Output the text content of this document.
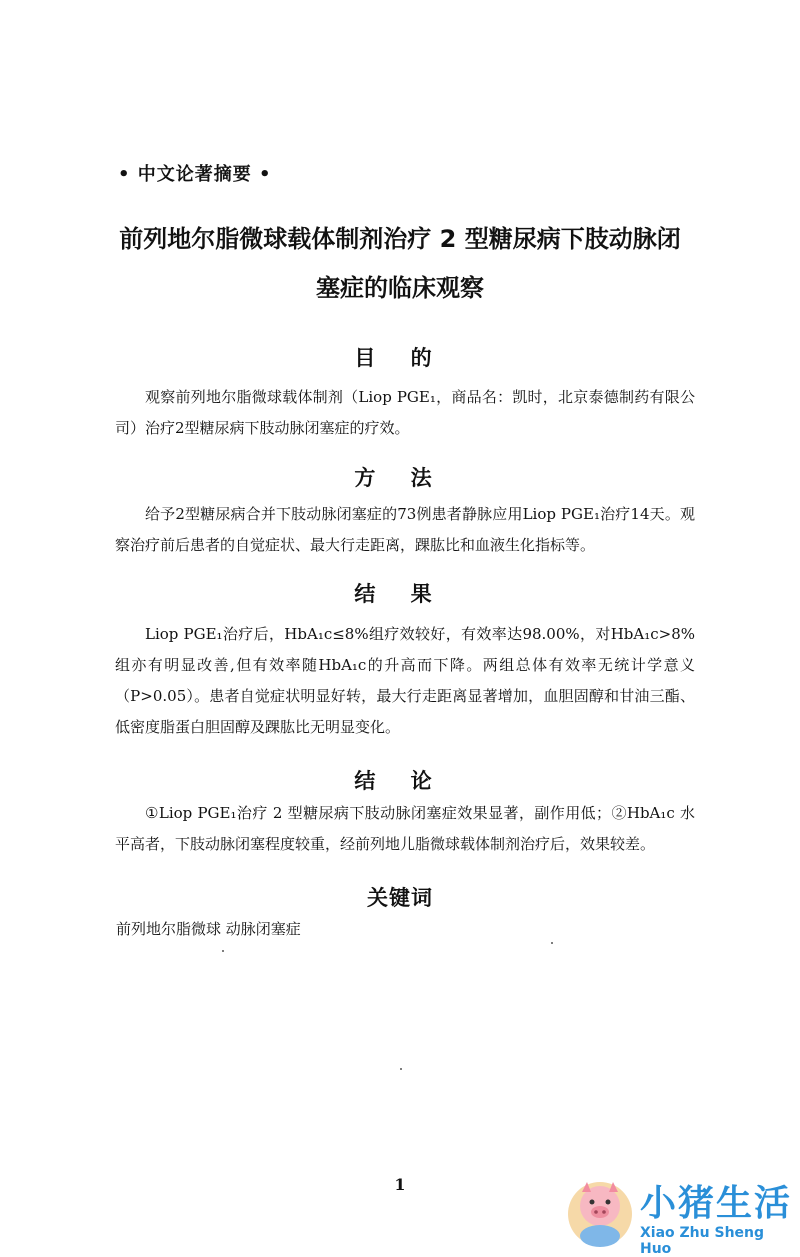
• 中文论著摘要 •
前列地尔脂微球载体制剂治疗 2 型糖尿病下肢动脉闭
塞症的临床观察
目 的

观察前列地尔脂微球载体制剂（Liop PGE₁，商品名：凯时，北京泰德制药有限公司）治疗2型糖尿病下肢动脉闭塞症的疗效。

方 法

给予2型糖尿病合并下肢动脉闭塞症的73例患者静脉应用Liop PGE₁治疗14天。观察治疗前后患者的自觉症状、最大行走距离，踝肱比和血液生化指标等。

结 果

Liop PGE₁治疗后，HbA₁c≤8%组疗效较好，有效率达98.00%，对HbA₁c>8%组亦有明显改善,但有效率随HbA₁c的升高而下降。两组总体有效率无统计学意义（P>0.05）。患者自觉症状明显好转，最大行走距离显著增加，血胆固醇和甘油三酯、低密度脂蛋白胆固醇及踝肱比无明显变化。

结 论

①Liop PGE₁治疗 2 型糖尿病下肢动脉闭塞症效果显著，副作用低；②HbA₁c 水平高者，下肢动脉闭塞程度较重，经前列地儿脂微球载体制剂治疗后，效果较差。

关键词
前列地尔脂微球 动脉闭塞症
1	小猪生活
Xiao Zhu Sheng Huo
